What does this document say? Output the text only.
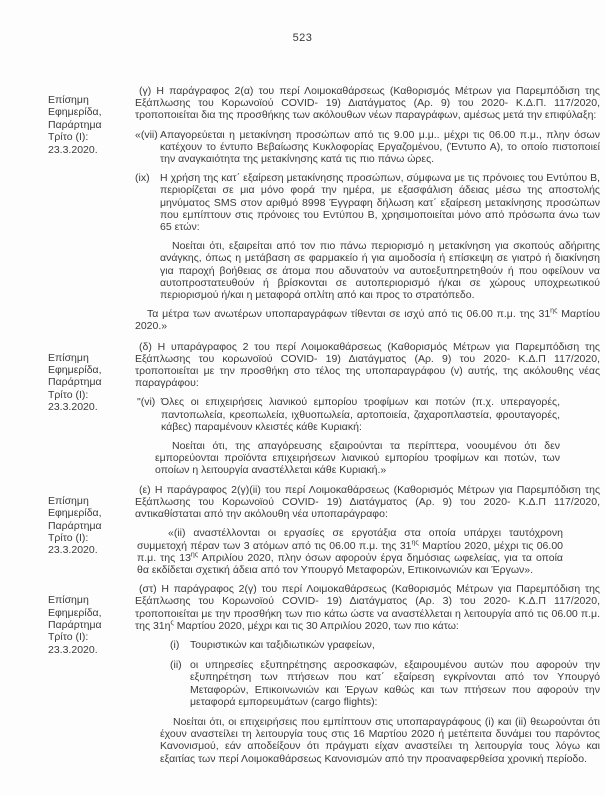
523

Επίσημη
Εφημερίδα,
Παράρτημα
Τρίτο (Ι):
23.3.2020.
(γ) Η παράγραφος 2(α) του περί Λοιμοκαθάρσεως (Καθορισμός Μέτρων για Παρεμπόδιση της Εξάπλωσης του Κορωνοϊού COVID- 19) Διατάγματος (Αρ. 9) του 2020- Κ.Δ.Π. 117/2020, τροποποιείται δια της προσθήκης των ακόλουθων νέων παραγράφων, αμέσως μετά την επιφύλαξη:

«(vii) Απαγορεύεται η μετακίνηση προσώπων από τις 9.00 μ.μ.. μέχρι τις 06.00 π.μ., πλην όσων κατέχουν το έντυπο Βεβαίωσης Κυκλοφορίας Εργαζομένου, (Έντυπο Α), το οποίο πιστοποιεί την αναγκαιότητα της μετακίνησης κατά τις πιο πάνω ώρες.
(ix) Η χρήση της κατ΄ εξαίρεση μετακίνησης προσώπων, σύμφωνα με τις πρόνοιες του Εντύπου Β, περιορίζεται σε μια μόνο φορά την ημέρα, με εξασφάλιση άδειας μέσω της αποστολής μηνύματος SMS στον αριθμό 8998 Έγγραφη δήλωση κατ΄ εξαίρεση μετακίνησης προσώπων που εμπίπτουν στις πρόνοιες του Εντύπου Β, χρησιμοποιείται μόνο από πρόσωπα άνω των 65 ετών:

Νοείται ότι, εξαιρείται από τον πιο πάνω περιορισμό η μετακίνηση για σκοπούς αδήριτης ανάγκης, όπως η μετάβαση σε φαρμακείο ή για αιμοδοσία ή επίσκεψη σε γιατρό ή διακίνηση για παροχή βοήθειας σε άτομα που αδυνατούν να αυτοεξυπηρετηθούν ή που οφείλουν να αυτοπροστατευθούν ή βρίσκονται σε αυτοπεριορισμό ή/και σε χώρους υποχρεωτικού περιορισμού ή/και η μεταφορά οπλίτη από και προς το στρατόπεδο.

Τα μέτρα των ανωτέρων υποπαραγράφων τίθενται σε ισχύ από τις 06.00 π.μ. της $31^{\eta\varsigma}$ Μαρτίου 2020.»

Επίσημη
Εφημερίδα,
Παράρτημα
Τρίτο (Ι):
23.3.2020.
(δ) Η υπαράγραφος 2 του περί Λοιμοκαθάρσεως (Καθορισμός Μέτρων για Παρεμπόδιση της Εξάπλωσης του κορωνοϊού COVID- 19) Διατάγματος (Αρ. 9) του 2020- Κ.Δ.Π 117/2020, τροποποιείται με την προσθήκη στο τέλος της υποπαραγράφου (v) αυτής, της ακόλουθης νέας παραγράφου:

"(vi) Όλες οι επιχειρήσεις λιανικού εμπορίου τροφίμων και ποτών (π.χ. υπεραγορές, παντοπωλεία, κρεοπωλεία, ιχθυοπωλεία, αρτοποιεία, ζαχαροπλαστεία, φρουταγορές, κάβες) παραμένουν κλειστές κάθε Κυριακή:

Νοείται ότι, της απαγόρευσης εξαιρούνται τα περίπτερα, νοουμένου ότι δεν εμπορεύονται προϊόντα επιχειρήσεων λιανικού εμπορίου τροφίμων και ποτών, των οποίων η λειτουργία αναστέλλεται κάθε Κυριακή.»

Επίσημη
Εφημερίδα,
Παράρτημα
Τρίτο (Ι):
23.3.2020.
(ε) Η παράγραφος 2(γ)(ii) του περί Λοιμοκαθάρσεως (Καθορισμός Μέτρων για Παρεμπόδιση της Εξάπλωσης του Κορωνοϊού COVID- 19) Διατάγματος (Αρ. 9) του 2020- Κ.Δ.Π 117/2020, αντικαθίσταται από την ακόλουθη νέα υποπαράγραφο:

«(ii) αναστέλλονται οι εργασίες σε εργοτάξια στα οποία υπάρχει ταυτόχρονη συμμετοχή πέραν των 3 ατόμων από τις 06.00 π.μ. της $31^{\eta\varsigma}$ Μαρτίου 2020, μέχρι τις 06.00 π.μ. της $13^{\eta\varsigma}$ Απριλίου 2020, πλην όσων αφορούν έργα δημόσιας ωφελείας, για τα οποία θα εκδίδεται σχετική άδεια από τον Υπουργό Μεταφορών, Επικοινωνιών και Έργων».

Επίσημη
Εφημερίδα,
Παράρτημα
Τρίτο (Ι):
23.3.2020.
(στ) Η παράγραφος 2(γ) του περί Λοιμοκαθάρσεως (Καθορισμός Μέτρων για Παρεμπόδιση της Εξάπλωσης του Κορωνοϊού COVID- 19) Διατάγματος (Αρ. 3) του 2020- Κ.Δ.Π 117/2020, τροποποιείται με την προσθήκη των πιο κάτω ώστε να αναστέλλεται η λειτουργία από τις 06.00 π.μ. της $31\eta^\varsigma$ Μαρτίου 2020, μέχρι και τις 30 Απριλίου 2020, των πιο κάτω:

(i)	Τουριστικών και ταξιδιωτικών γραφείων,
(ii) οι υπηρεσίες εξυπηρέτησης αεροσκαφών, εξαιρουμένου αυτών που αφορούν την εξυπηρέτηση των πτήσεων που κατ΄ εξαίρεση εγκρίνονται από τον Υπουργό Μεταφορών, Επικοινωνιών και Έργων καθώς και των πτήσεων που αφορούν την μεταφορά εμπορευμάτων (cargo flights):

Νοείται ότι, οι επιχειρήσεις που εμπίπτουν στις υποπαραγράφους (i) και (ii) θεωρούνται ότι έχουν αναστείλει τη λειτουργία τους στις 16 Μαρτίου 2020 ή μετέπειτα δυνάμει του παρόντος Κανονισμού, εάν αποδείξουν ότι πράγματι είχαν αναστείλει τη λειτουργία τους λόγω και εξαιτίας των περί Λοιμοκαθάρσεως Κανονισμών από την προαναφερθείσα χρονική περίοδο.
